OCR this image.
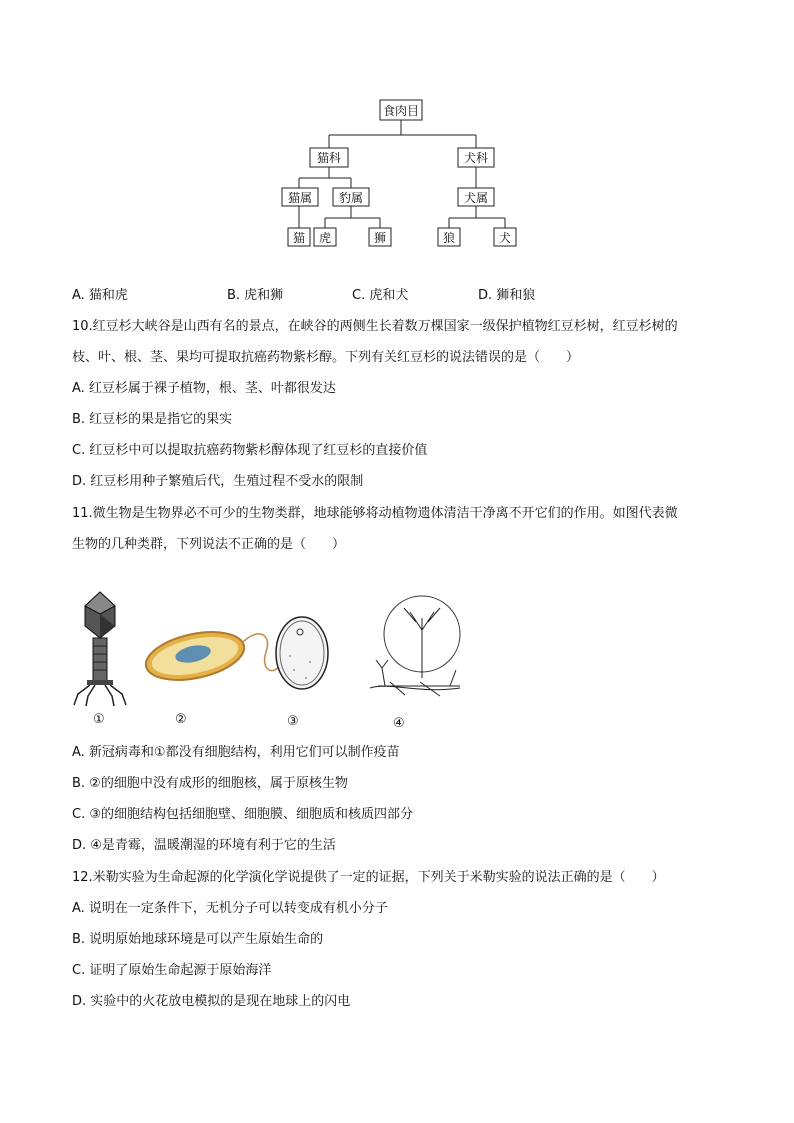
食肉目
猫科	犬科
猫属 豹属	犬属
猫 虎	狮	狼	犬
A. 猫和虎	B. 虎和狮	C. 虎和犬	D. 狮和狼
10.红豆杉大峡谷是山西有名的景点，在峡谷的两侧生长着数万棵国家一级保护植物红豆杉树，红豆杉树的
枝、叶、根、茎、果均可提取抗癌药物紫杉醇。下列有关红豆杉的说法错误的是（　　）
A. 红豆杉属于裸子植物，根、茎、叶都很发达
B. 红豆杉的果是指它的果实
C. 红豆杉中可以提取抗癌药物紫杉醇体现了红豆杉的直接价值
D. 红豆杉用种子繁殖后代，生殖过程不受水的限制
11.微生物是生物界必不可少的生物类群，地球能够将动植物遗体清洁干净离不开它们的作用。如图代表微
生物的几种类群，下列说法不正确的是（　　）
①	②	③	④
A. 新冠病毒和①都没有细胞结构，利用它们可以制作疫苗
B. ②的细胞中没有成形的细胞核，属于原核生物
C. ③的细胞结构包括细胞壁、细胞膜、细胞质和核质四部分
D. ④是青霉，温暖潮湿的环境有利于它的生活
12.米勒实验为生命起源的化学演化学说提供了一定的证据，下列关于米勒实验的说法正确的是（　　）
A. 说明在一定条件下，无机分子可以转变成有机小分子
B. 说明原始地球环境是可以产生原始生命的
C. 证明了原始生命起源于原始海洋
D. 实验中的火花放电模拟的是现在地球上的闪电
